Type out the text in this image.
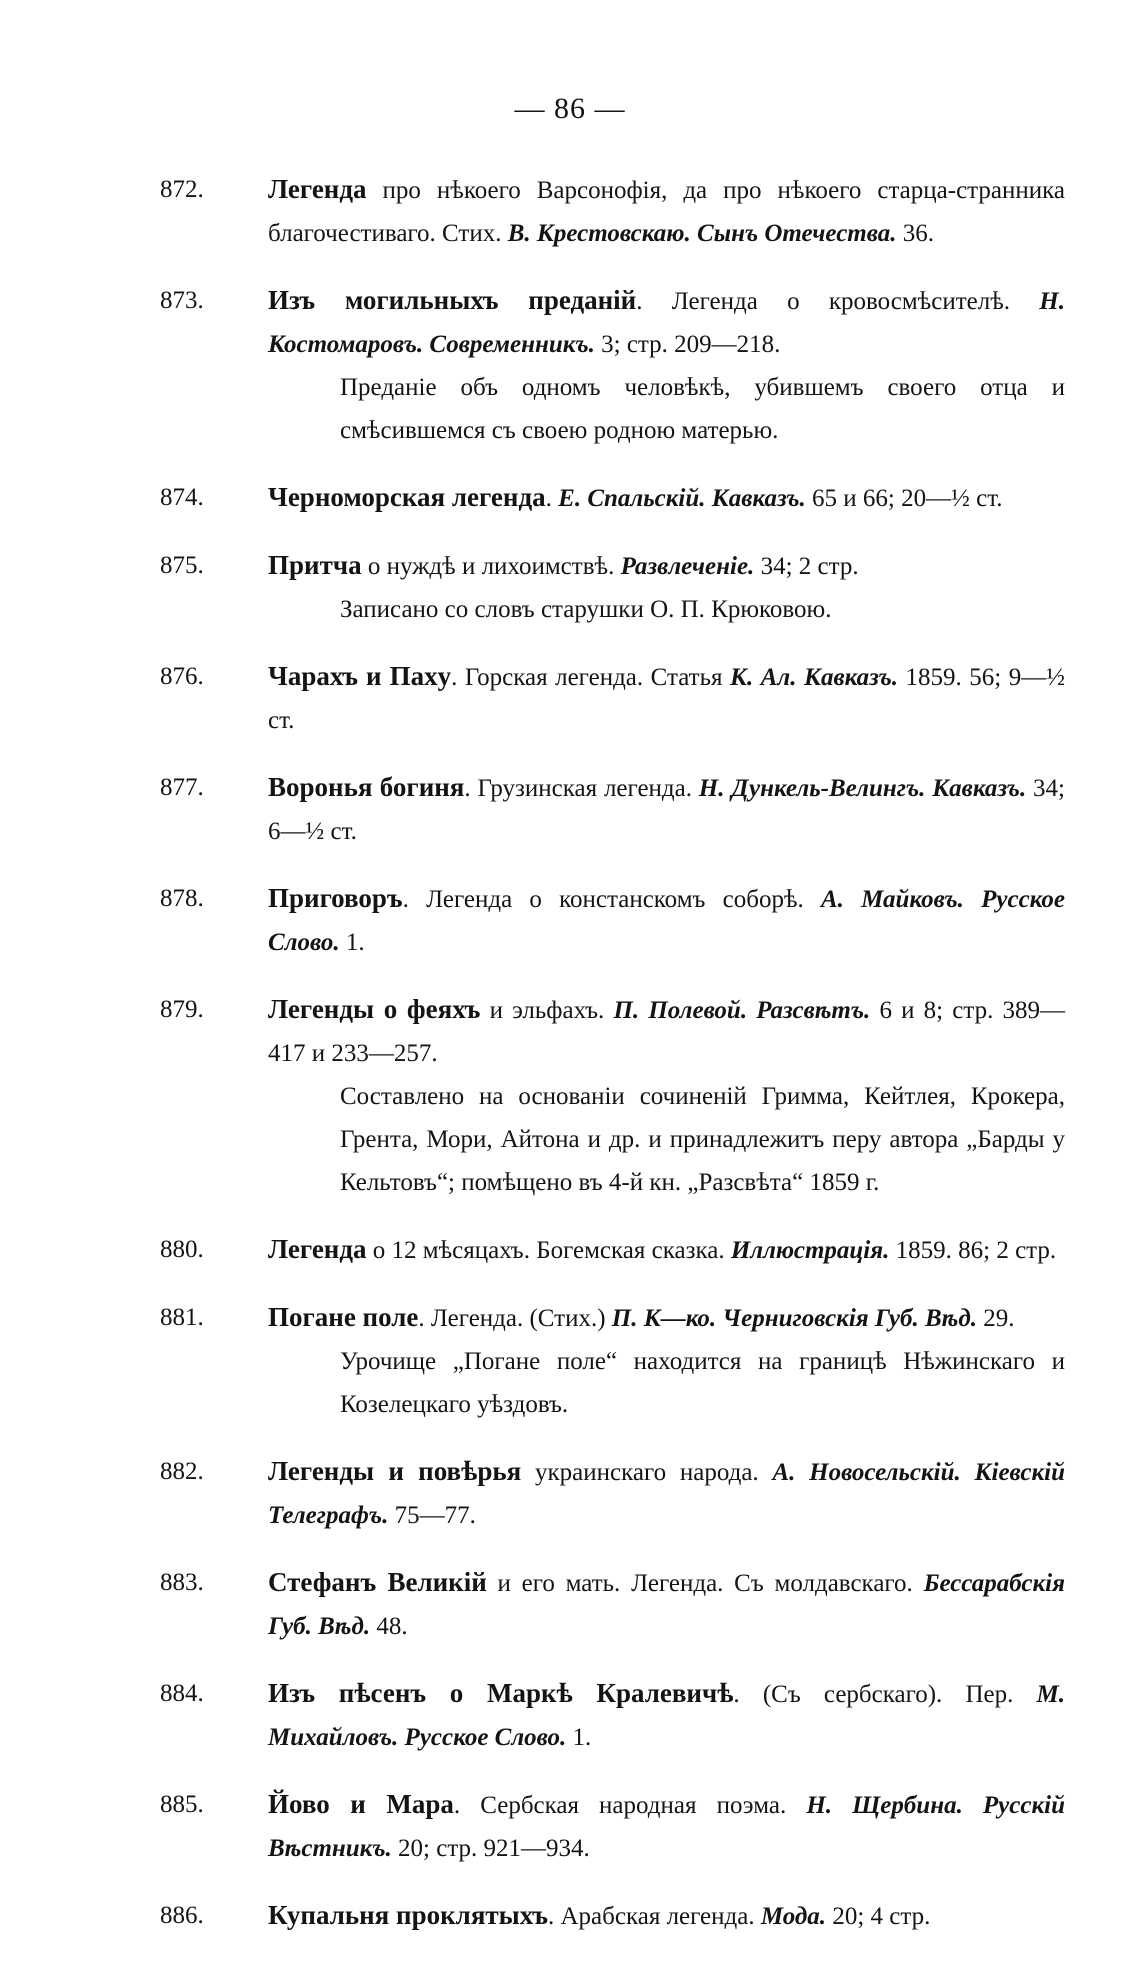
— 86 —
872.	Легенда про нѣкоего Варсонофія, да про нѣкоего старца-странника благочестиваго. Стих. В. Крестовскаю. Сынъ Отечества. 36.
873.	Изъ могильныхъ преданій. Легенда о кровосмѣсителѣ. Н. Костомаровъ. Современникъ. 3; стр. 209—218.
Преданіе объ одномъ человѣкѣ, убившемъ своего отца и смѣсившемся съ своею родною матерью.
874.	Черноморская легенда. Е. Спальскій. Кавказъ. 65 и 66; 20—½ ст.
875.	Притча о нуждѣ и лихоимствѣ. Развлеченіе. 34; 2 стр.
Записано со словъ старушки О. П. Крюковою.
876.	Чарахъ и Пахy. Горская легенда. Статья К. Ал. Кавказъ. 1859. 56; 9—½ ст.
877.	Воронья богиня. Грузинская легенда. Н. Дункель-Велингъ. Кавказъ. 34; 6—½ ст.
878.	Приговоръ. Легенда о констанскомъ соборѣ. А. Майковъ. Русское Слово. 1.
879.	Легенды о феяхъ и эльфахъ. П. Полевой. Разсвѣтъ. 6 и 8; стр. 389—417 и 233—257.
Составлено на основаніи сочиненій Гримма, Кейтлея, Крокера, Грента, Мори, Айтона и др. и принадлежитъ перу автора „Барды у Кельтовъ“; помѣщено въ 4-й кн. „Разсвѣта“ 1859 г.
880.	Легенда о 12 мѣсяцахъ. Богемская сказка. Иллюстрація. 1859. 86; 2 стр.
881.	Погане поле. Легенда. (Стих.) П. К—ко. Черниговскія Губ. Вѣд. 29.
Урочище „Погане поле“ находится на границѣ Нѣжинскаго и Козелецкаго уѣздовъ.
882.	Легенды и повѣрья украинскаго народа. А. Новосельскій. Кіевскій Телеграфъ. 75—77.
883.	Стефанъ Великій и его мать. Легенда. Съ молдавскаго. Бессарабскія Губ. Вѣд. 48.
884.	Изъ пѣсенъ о Маркѣ Кралевичѣ. (Съ сербскаго). Пер. М. Михайловъ. Русское Слово. 1.
885.	Йово и Мара. Сербская народная поэма. Н. Щербина. Русскій Вѣстникъ. 20; стр. 921—934.
886.	Купальня проклятыхъ. Арабская легенда. Мода. 20; 4 стр.
